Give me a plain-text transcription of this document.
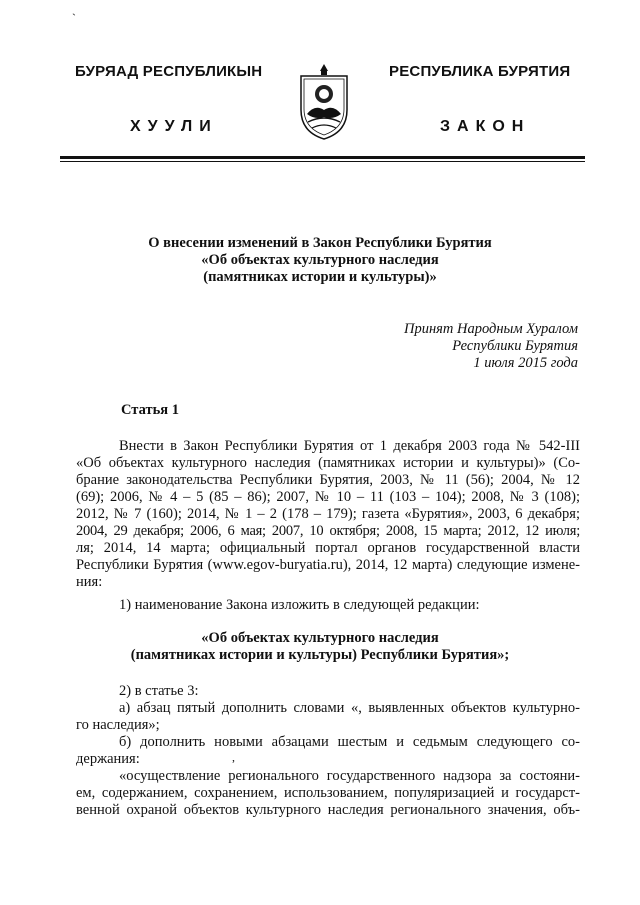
БУРЯАД РЕСПУБЛИКЫН	РЕСПУБЛИКА БУРЯТИЯ
ХУУЛИ	ЗАКОН
О внесении изменений в Закон Республики Бурятия
«Об объектах культурного наследия
(памятниках истории и культуры)»
Принят Народным Хуралом
Республики Бурятия
1 июля 2015 года
Статья 1
Внести в Закон Республики Бурятия от 1 декабря 2003 года № 542-III
«Об объектах культурного наследия (памятниках истории и культуры)» (Со-
брание законодательства Республики Бурятия, 2003, № 11 (56); 2004, № 12
(69); 2006, № 4 – 5 (85 – 86); 2007, № 10 – 11 (103 – 104); 2008, № 3 (108);
2012, № 7 (160); 2014, № 1 – 2 (178 – 179); газета «Бурятия», 2003, 6 декабря;
2004, 29 декабря; 2006, 6 мая; 2007, 10 октября; 2008, 15 марта; 2012, 12 июля;
ля; 2014, 14 марта; официальный портал органов государственной власти
Республики Бурятия (www.egov-buryatia.ru), 2014, 12 марта) следующие измене-
ния:
1) наименование Закона изложить в следующей редакции:
«Об объектах культурного наследия
(памятниках истории и культуры) Республики Бурятия»;
2) в статье 3:
а) абзац пятый дополнить словами «, выявленных объектов культурно-
го наследия»;
б) дополнить новыми абзацами шестым и седьмым следующего со-
держания:
«осуществление регионального государственного надзора за состояни-
ем, содержанием, сохранением, использованием, популяризацией и государст-
венной охраной объектов культурного наследия регионального значения, объ-
ˎ
,
